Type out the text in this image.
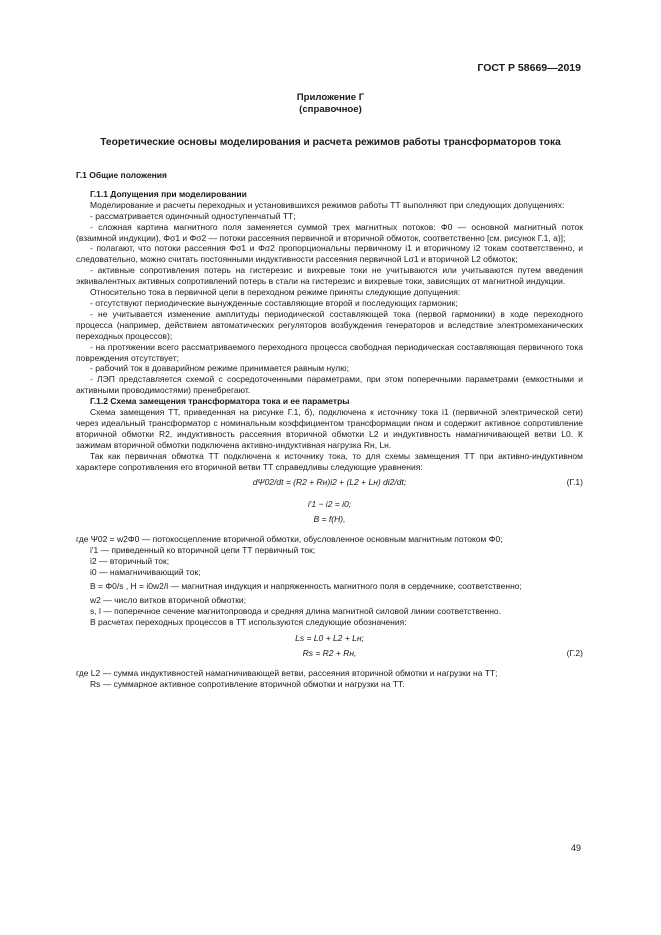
ГОСТ Р 58669—2019
Приложение Г
(справочное)
Теоретические основы моделирования и расчета режимов работы трансформаторов тока

Г.1 Общие положения

Г.1.1 Допущения при моделировании

Моделирование и расчеты переходных и установившихся режимов работы ТТ выполняют при следующих допущениях:

- рассматривается одиночный одноступенчатый ТТ;

- сложная картина магнитного поля заменяется суммой трех магнитных потоков: Φ0 — основной магнитный поток (взаимной индукции), Φσ1 и Φσ2 — потоки рассеяния первичной и вторичной обмоток, соответственно [см. рисунок Г.1, а)];

- полагают, что потоки рассеяния Φσ1 и Φσ2 пропорциональны первичному i1 и вторичному i2 токам соответственно, и следовательно, можно считать постоянными индуктивности рассеяния первичной Lσ1 и вторичной L2 обмоток;

- активные сопротивления потерь на гистерезис и вихревые токи не учитываются или учитываются путем введения эквивалентных активных сопротивлений потерь в стали на гистерезис и вихревые токи, зависящих от магнитной индукции.

Относительно тока в первичной цепи в переходном режиме приняты следующие допущения:

- отсутствуют периодические вынужденные составляющие второй и последующих гармоник;

- не учитывается изменение амплитуды периодической составляющей тока (первой гармоники) в ходе переходного процесса (например, действием автоматических регуляторов возбуждения генераторов и вследствие электромеханических переходных процессов);

- на протяжении всего рассматриваемого переходного процесса свободная периодическая составляющая первичного тока повреждения отсутствует;

- рабочий ток в доаварийном режиме принимается равным нулю;

- ЛЭП представляется схемой с сосредоточенными параметрами, при этом поперечными параметрами (емкостными и активными проводимостями) пренебрегают.

Г.1.2 Схема замещения трансформатора тока и ее параметры

Схема замещения ТТ, приведенная на рисунке Г.1, б), подключена к источнику тока i1 (первичной электрической сети) через идеальный трансформатор с номинальным коэффициентом трансформации nном и содержит активное сопротивление вторичной обмотки R2, индуктивность рассеяния вторичной обмотки L2 и индуктивность намагничивающей ветви L0. К зажимам вторичной обмотки подключена активно-индуктивная нагрузка Rн, Lн.

Так как первичная обмотка ТТ подключена к источнику тока, то для схемы замещения ТТ при активно-индуктивном характере сопротивления его вторичной ветви ТТ справедливы следующие уравнения:

dΨ02/dt = (R2 + Rн)i2 + (L2 + Lн) di2/dt;	(Г.1)
i′1 − i2 = i0;
B = f(H),

где Ψ02 = w2Φ0 — потокосцепление вторичной обмотки, обусловленное основным магнитным потоком Φ0;

i′1 — приведенный ко вторичной цепи ТТ первичный ток;

i2 — вторичный ток;

i0 — намагничивающий ток;

B = Φ0/s , H = i0w2/l — магнитная индукция и напряженность магнитного поля в сердечнике, соответственно;

w2 — число витков вторичной обмотки;

s, l — поперечное сечение магнитопровода и средняя длина магнитной силовой линии соответственно.

В расчетах переходных процессов в ТТ используются следующие обозначения:

Ls = L0 + L2 + Lн;
Rs = R2 + Rн,	(Г.2)

где L2 — сумма индуктивностей намагничивающей ветви, рассеяния вторичной обмотки и нагрузки на ТТ;

Rs — суммарное активное сопротивление вторичной обмотки и нагрузки на ТТ.

49
